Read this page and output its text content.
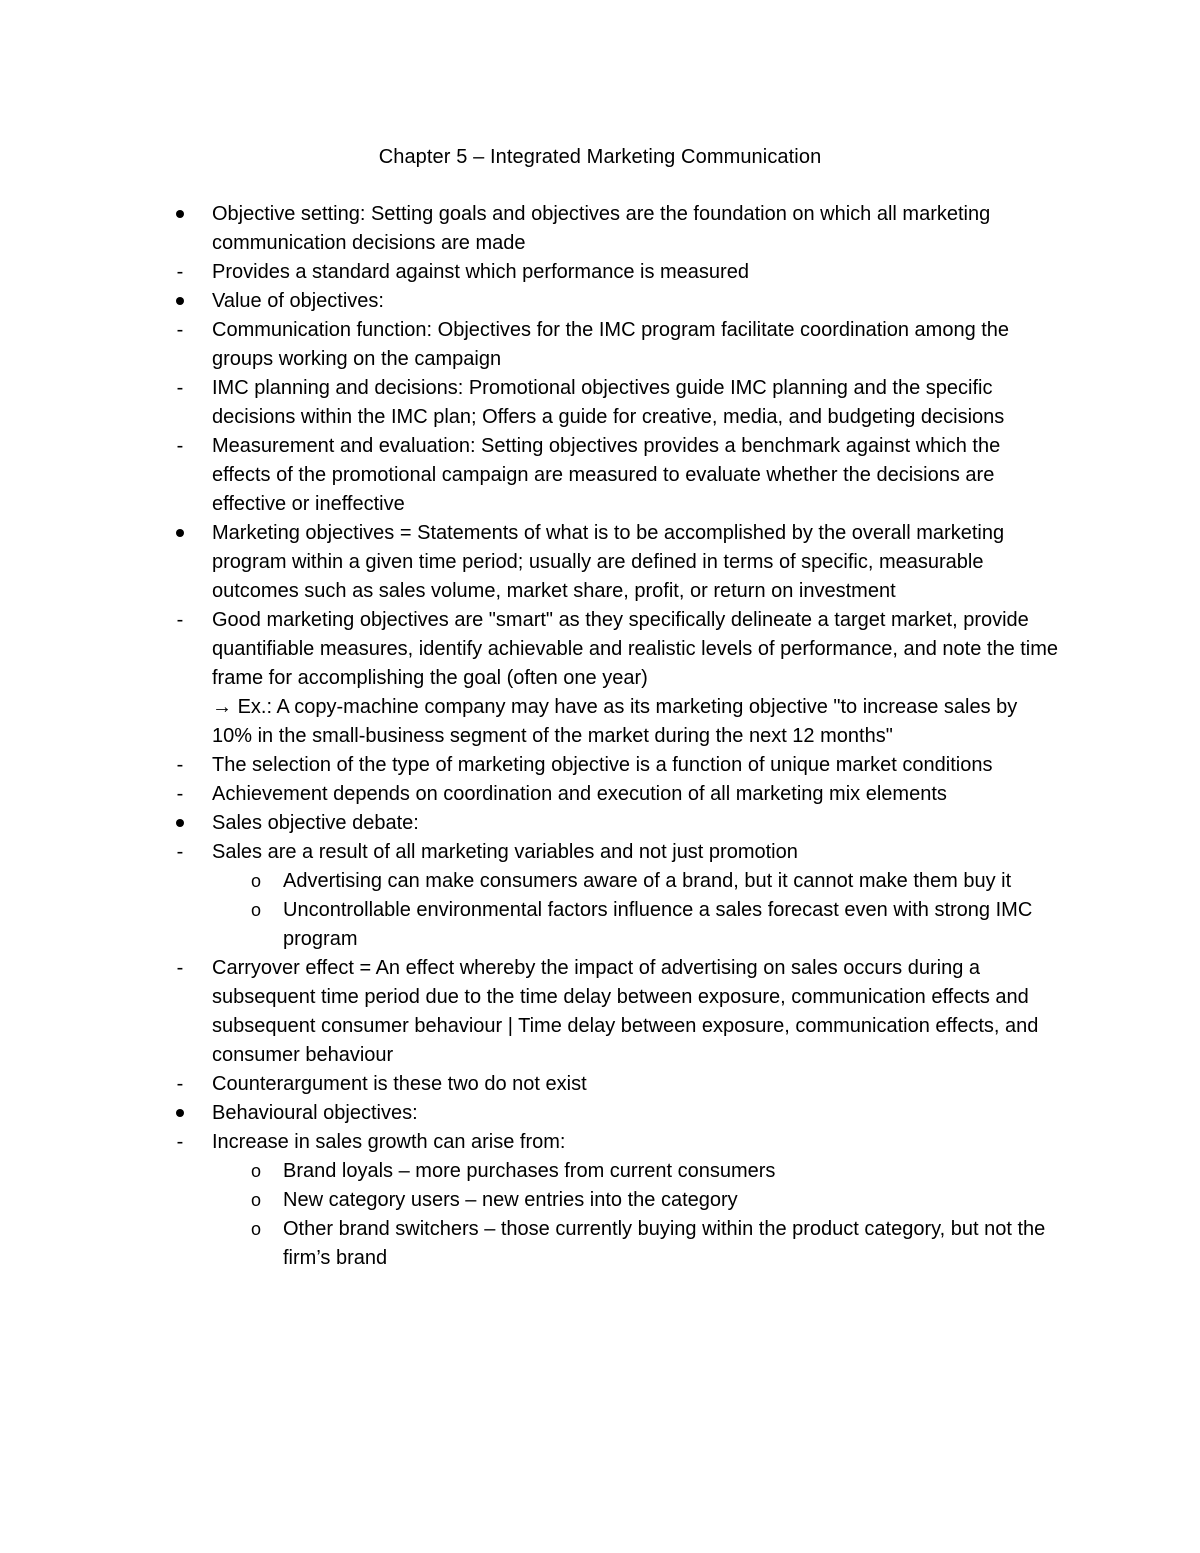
Chapter 5 – Integrated Marketing Communication
Objective setting: Setting goals and objectives are the foundation on which all marketing communication decisions are made
-	Provides a standard against which performance is measured
Value of objectives:
-	Communication function: Objectives for the IMC program facilitate coordination among the groups working on the campaign
-	IMC planning and decisions: Promotional objectives guide IMC planning and the specific decisions within the IMC plan; Offers a guide for creative, media, and budgeting decisions
-	Measurement and evaluation: Setting objectives provides a benchmark against which the effects of the promotional campaign are measured to evaluate whether the decisions are effective or ineffective
Marketing objectives = Statements of what is to be accomplished by the overall marketing program within a given time period; usually are defined in terms of specific, measurable outcomes such as sales volume, market share, profit, or return on investment
-	Good marketing objectives are "smart" as they specifically delineate a target market, provide quantifiable measures, identify achievable and realistic levels of performance, and note the time frame for accomplishing the goal (often one year)
→ Ex.: A copy-machine company may have as its marketing objective "to increase sales by 10% in the small-business segment of the market during the next 12 months"
-	The selection of the type of marketing objective is a function of unique market conditions
-	Achievement depends on coordination and execution of all marketing mix elements
Sales objective debate:
-	Sales are a result of all marketing variables and not just promotion
o Advertising can make consumers aware of a brand, but it cannot make them buy it
o Uncontrollable environmental factors influence a sales forecast even with strong IMC program
-	Carryover effect = An effect whereby the impact of advertising on sales occurs during a subsequent time period due to the time delay between exposure, communication effects and subsequent consumer behaviour | Time delay between exposure, communication effects, and consumer behaviour
-	Counterargument is these two do not exist
Behavioural objectives:
-	Increase in sales growth can arise from:
o Brand loyals – more purchases from current consumers
o New category users – new entries into the category
o Other brand switchers – those currently buying within the product category, but not the firm’s brand
